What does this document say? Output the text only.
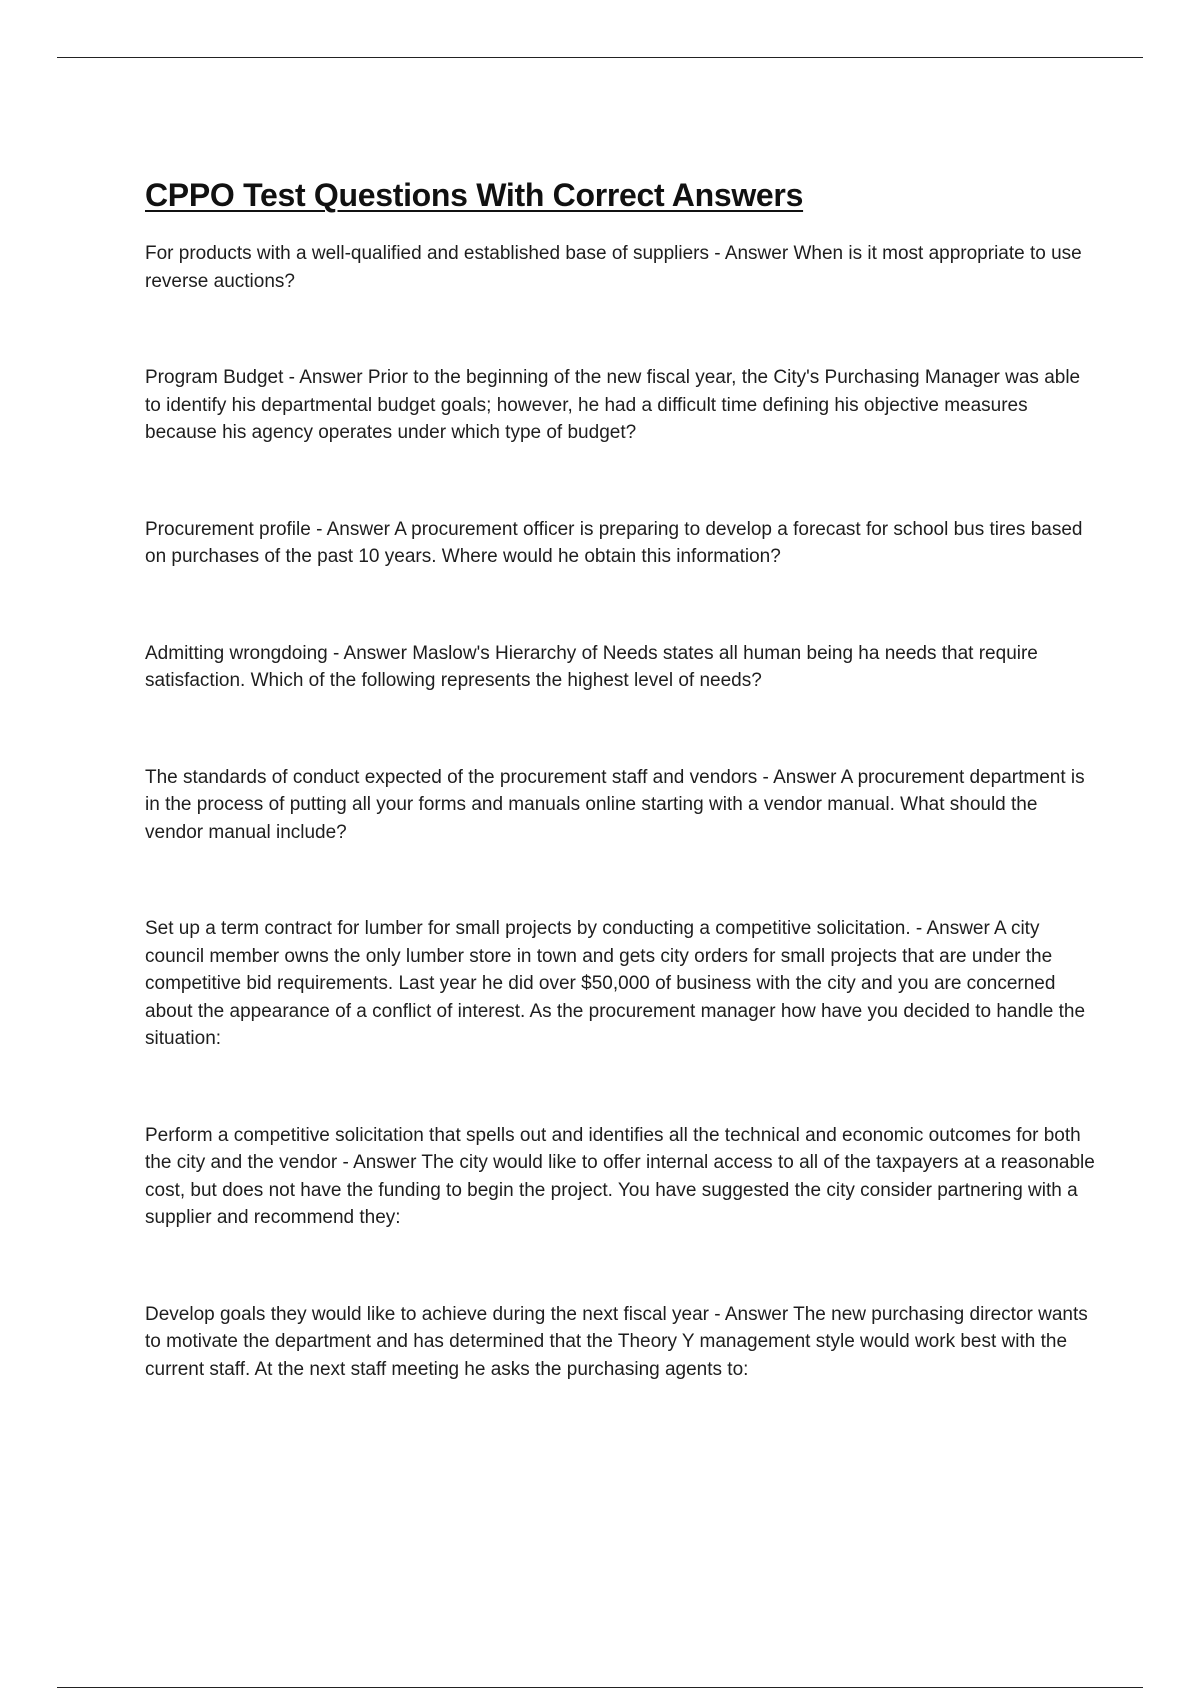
CPPO Test Questions With Correct Answers
For products with a well-qualified and established base of suppliers - Answer When is it most appropriate to use reverse auctions?
Program Budget - Answer Prior to the beginning of the new fiscal year, the City's Purchasing Manager was able to identify his departmental budget goals; however, he had a difficult time defining his objective measures because his agency operates under which type of budget?
Procurement profile - Answer A procurement officer is preparing to develop a forecast for school bus tires based on purchases of the past 10 years. Where would he obtain this information?
Admitting wrongdoing - Answer Maslow's Hierarchy of Needs states all human being ha needs that require satisfaction. Which of the following represents the highest level of needs?
The standards of conduct expected of the procurement staff and vendors - Answer A procurement department is in the process of putting all your forms and manuals online starting with a vendor manual. What should the vendor manual include?
Set up a term contract for lumber for small projects by conducting a competitive solicitation. - Answer A city council member owns the only lumber store in town and gets city orders for small projects that are under the competitive bid requirements. Last year he did over $50,000 of business with the city and you are concerned about the appearance of a conflict of interest. As the procurement manager how have you decided to handle the situation:
Perform a competitive solicitation that spells out and identifies all the technical and economic outcomes for both the city and the vendor - Answer The city would like to offer internal access to all of the taxpayers at a reasonable cost, but does not have the funding to begin the project. You have suggested the city consider partnering with a supplier and recommend they:
Develop goals they would like to achieve during the next fiscal year - Answer The new purchasing director wants to motivate the department and has determined that the Theory Y management style would work best with the current staff. At the next staff meeting he asks the purchasing agents to:
